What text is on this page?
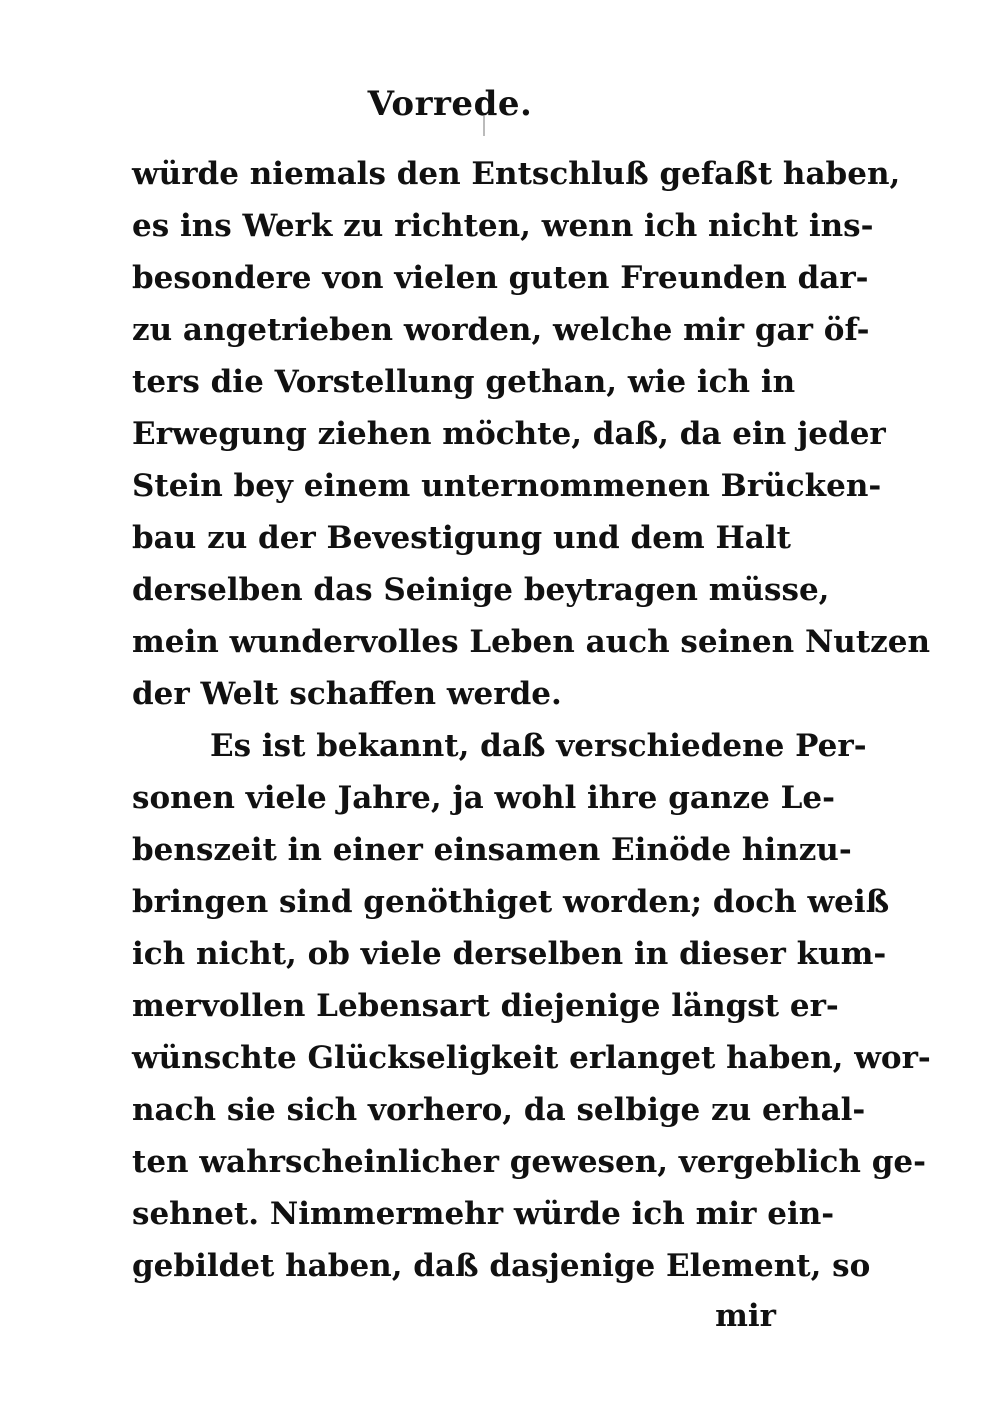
Vorrede.
würde niemals den Entschluß gefaßt haben,
es ins Werk zu richten, wenn ich nicht ins-
besondere von vielen guten Freunden dar-
zu angetrieben worden, welche mir gar öf-
ters die Vorstellung gethan, wie ich in
Erwegung ziehen möchte, daß, da ein jeder
Stein bey einem unternommenen Brücken-
bau zu der Bevestigung und dem Halt
derselben das Seinige beytragen müsse,
mein wundervolles Leben auch seinen Nutzen
der Welt schaffen werde.
Es ist bekannt, daß verschiedene Per-
sonen viele Jahre, ja wohl ihre ganze Le-
benszeit in einer einsamen Einöde hinzu-
bringen sind genöthiget worden; doch weiß
ich nicht, ob viele derselben in dieser kum-
mervollen Lebensart diejenige längst er-
wünschte Glückseligkeit erlanget haben, wor-
nach sie sich vorhero, da selbige zu erhal-
ten wahrscheinlicher gewesen, vergeblich ge-
sehnet. Nimmermehr würde ich mir ein-
gebildet haben, daß dasjenige Element, so
mir
